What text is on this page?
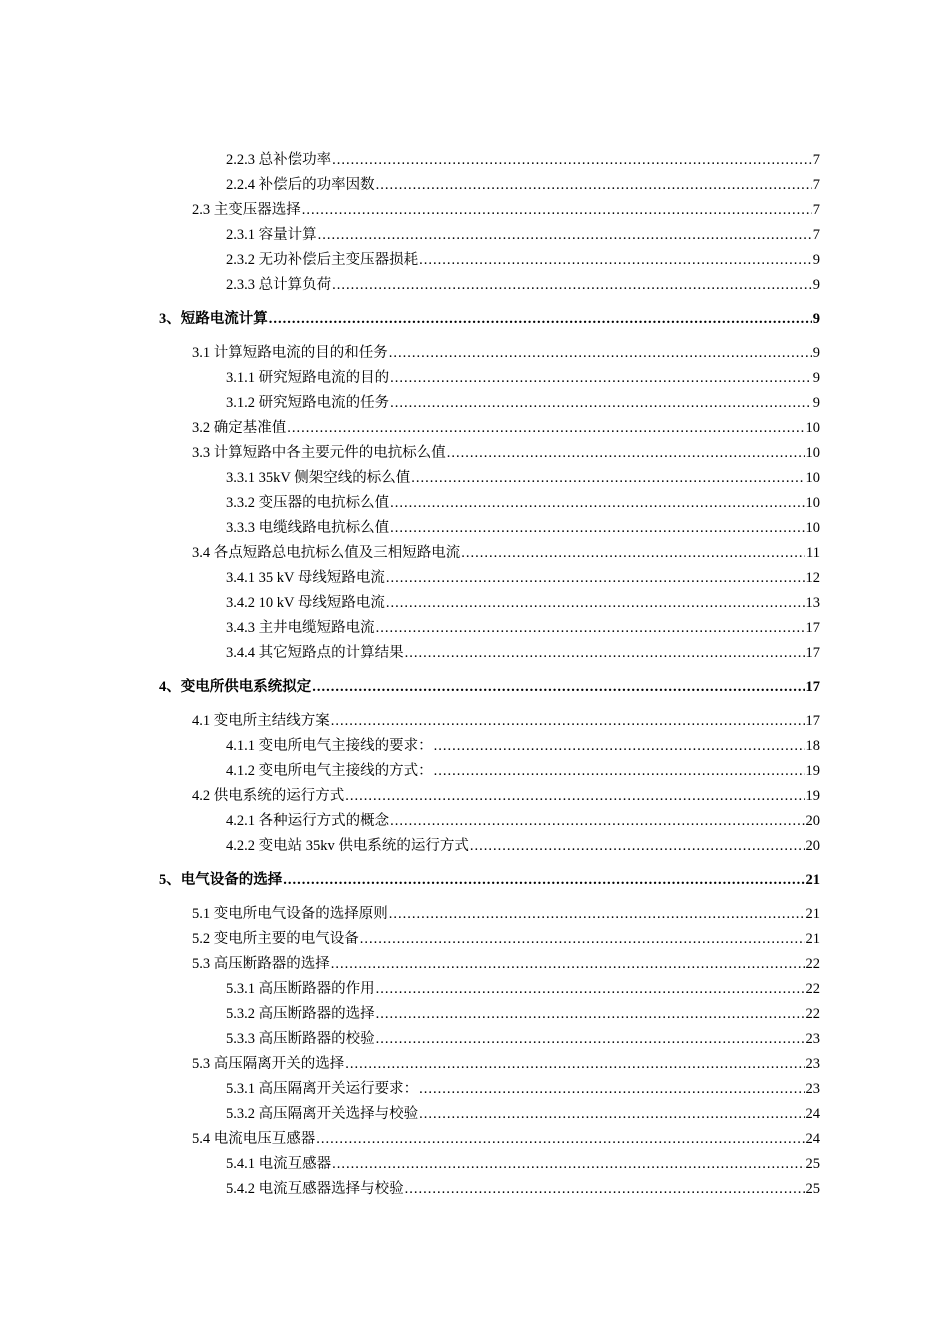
2.2.3 总补偿功率 .....	7
2.2.4 补偿后的功率因数 .....	7
2.3 主变压器选择 .....	7
2.3.1 容量计算 .....	7
2.3.2 无功补偿后主变压器损耗 .....	9
2.3.3 总计算负荷 .....	9
3、短路电流计算 .....	9
3.1 计算短路电流的目的和任务 .....	9
3.1.1 研究短路电流的目的 .....	9
3.1.2 研究短路电流的任务 .....	9
3.2 确定基准值 .....	10
3.3 计算短路中各主要元件的电抗标么值 .....	10
3.3.1 35kV 侧架空线的标么值 .....	10
3.3.2 变压器的电抗标么值 .....	10
3.3.3 电缆线路电抗标么值 .....	10
3.4 各点短路总电抗标么值及三相短路电流 .....	11
3.4.1 35 kV 母线短路电流 .....	12
3.4.2 10 kV 母线短路电流 .....	13
3.4.3 主井电缆短路电流 .....	17
3.4.4 其它短路点的计算结果 .....	17
4、变电所供电系统拟定 .....	17
4.1 变电所主结线方案 .....	17
4.1.1 变电所电气主接线的要求： .....	18
4.1.2 变电所电气主接线的方式： .....	19
4.2 供电系统的运行方式 .....	19
4.2.1 各种运行方式的概念 .....	20
4.2.2 变电站 35kv 供电系统的运行方式 .....	20
5、电气设备的选择 .....	21
5.1 变电所电气设备的选择原则 .....	21
5.2 变电所主要的电气设备 .....	21
5.3 高压断路器的选择 .....	22
5.3.1 高压断路器的作用 .....	22
5.3.2 高压断路器的选择 .....	22
5.3.3 高压断路器的校验 .....	23
5.3 高压隔离开关的选择 .....	23
5.3.1 高压隔离开关运行要求： .....	23
5.3.2 高压隔离开关选择与校验 .....	24
5.4 电流电压互感器 .....	24
5.4.1 电流互感器 .....	25
5.4.2 电流互感器选择与校验 .....	25
